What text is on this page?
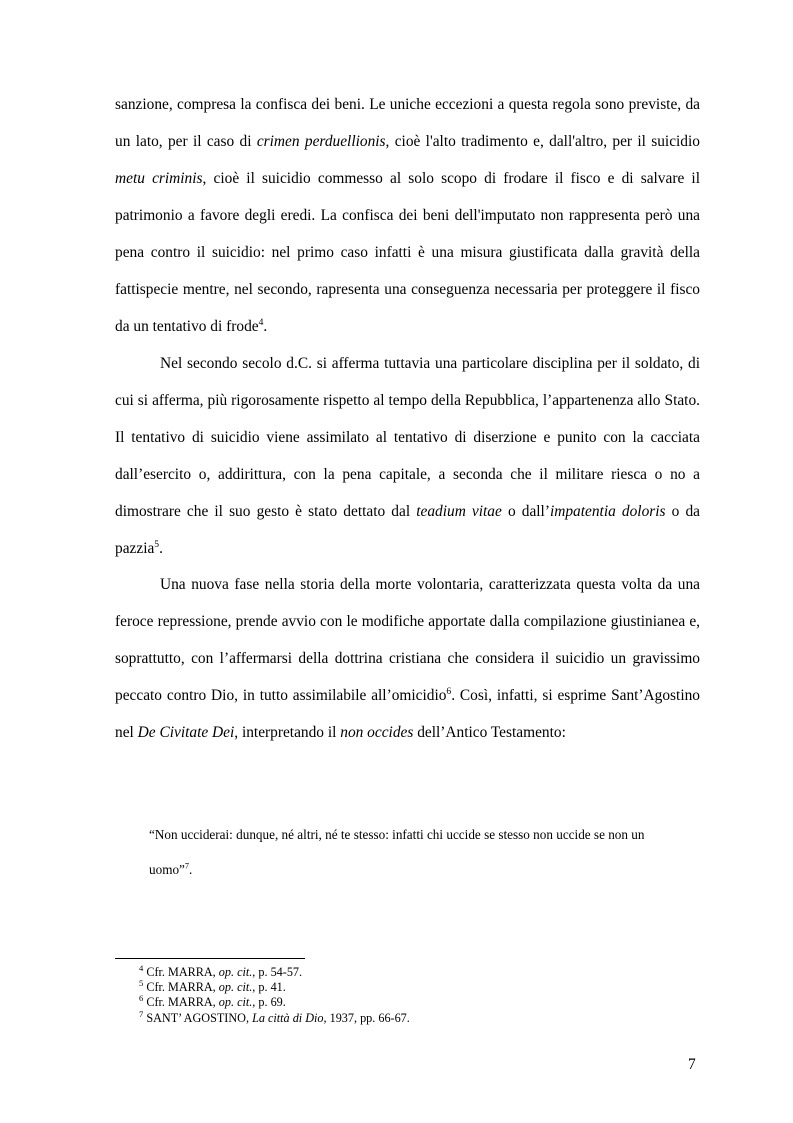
sanzione, compresa la confisca dei beni. Le uniche eccezioni a questa regola sono previste, da un lato, per il caso di crimen perduellionis, cioè l'alto tradimento e, dall'altro, per il suicidio metu criminis, cioè il suicidio commesso al solo scopo di frodare il fisco e di salvare il patrimonio a favore degli eredi. La confisca dei beni dell'imputato non rappresenta però una pena contro il suicidio: nel primo caso infatti è una misura giustificata dalla gravità della fattispecie mentre, nel secondo, rapresenta una conseguenza necessaria per proteggere il fisco da un tentativo di frode$^4$.

Nel secondo secolo d.C. si afferma tuttavia una particolare disciplina per il soldato, di cui si afferma, più rigorosamente rispetto al tempo della Repubblica, l’appartenenza allo Stato. Il tentativo di suicidio viene assimilato al tentativo di diserzione e punito con la cacciata dall’esercito o, addirittura, con la pena capitale, a seconda che il militare riesca o no a dimostrare che il suo gesto è stato dettato dal teadium vitae o dall’impatentia doloris o da pazzia$^5$.

Una nuova fase nella storia della morte volontaria, caratterizzata questa volta da una feroce repressione, prende avvio con le modifiche apportate dalla compilazione giustinianea e, soprattutto, con l’affermarsi della dottrina cristiana che considera il suicidio un gravissimo peccato contro Dio, in tutto assimilabile all’omicidio$^6$. Così, infatti, si esprime Sant’Agostino nel De Civitate Dei, interpretando il non occides dell’Antico Testamento:

“Non ucciderai: dunque, né altri, né te stesso: infatti chi uccide se stesso non uccide se non un uomo”$^7$.

$^4$ Cfr. MARRA, op. cit., p. 54-57.
$^5$ Cfr. MARRA, op. cit., p. 41.
$^6$ Cfr. MARRA, op. cit., p. 69.
$^7$ SANT’ AGOSTINO, La città di Dio, 1937, pp. 66-67.
7
